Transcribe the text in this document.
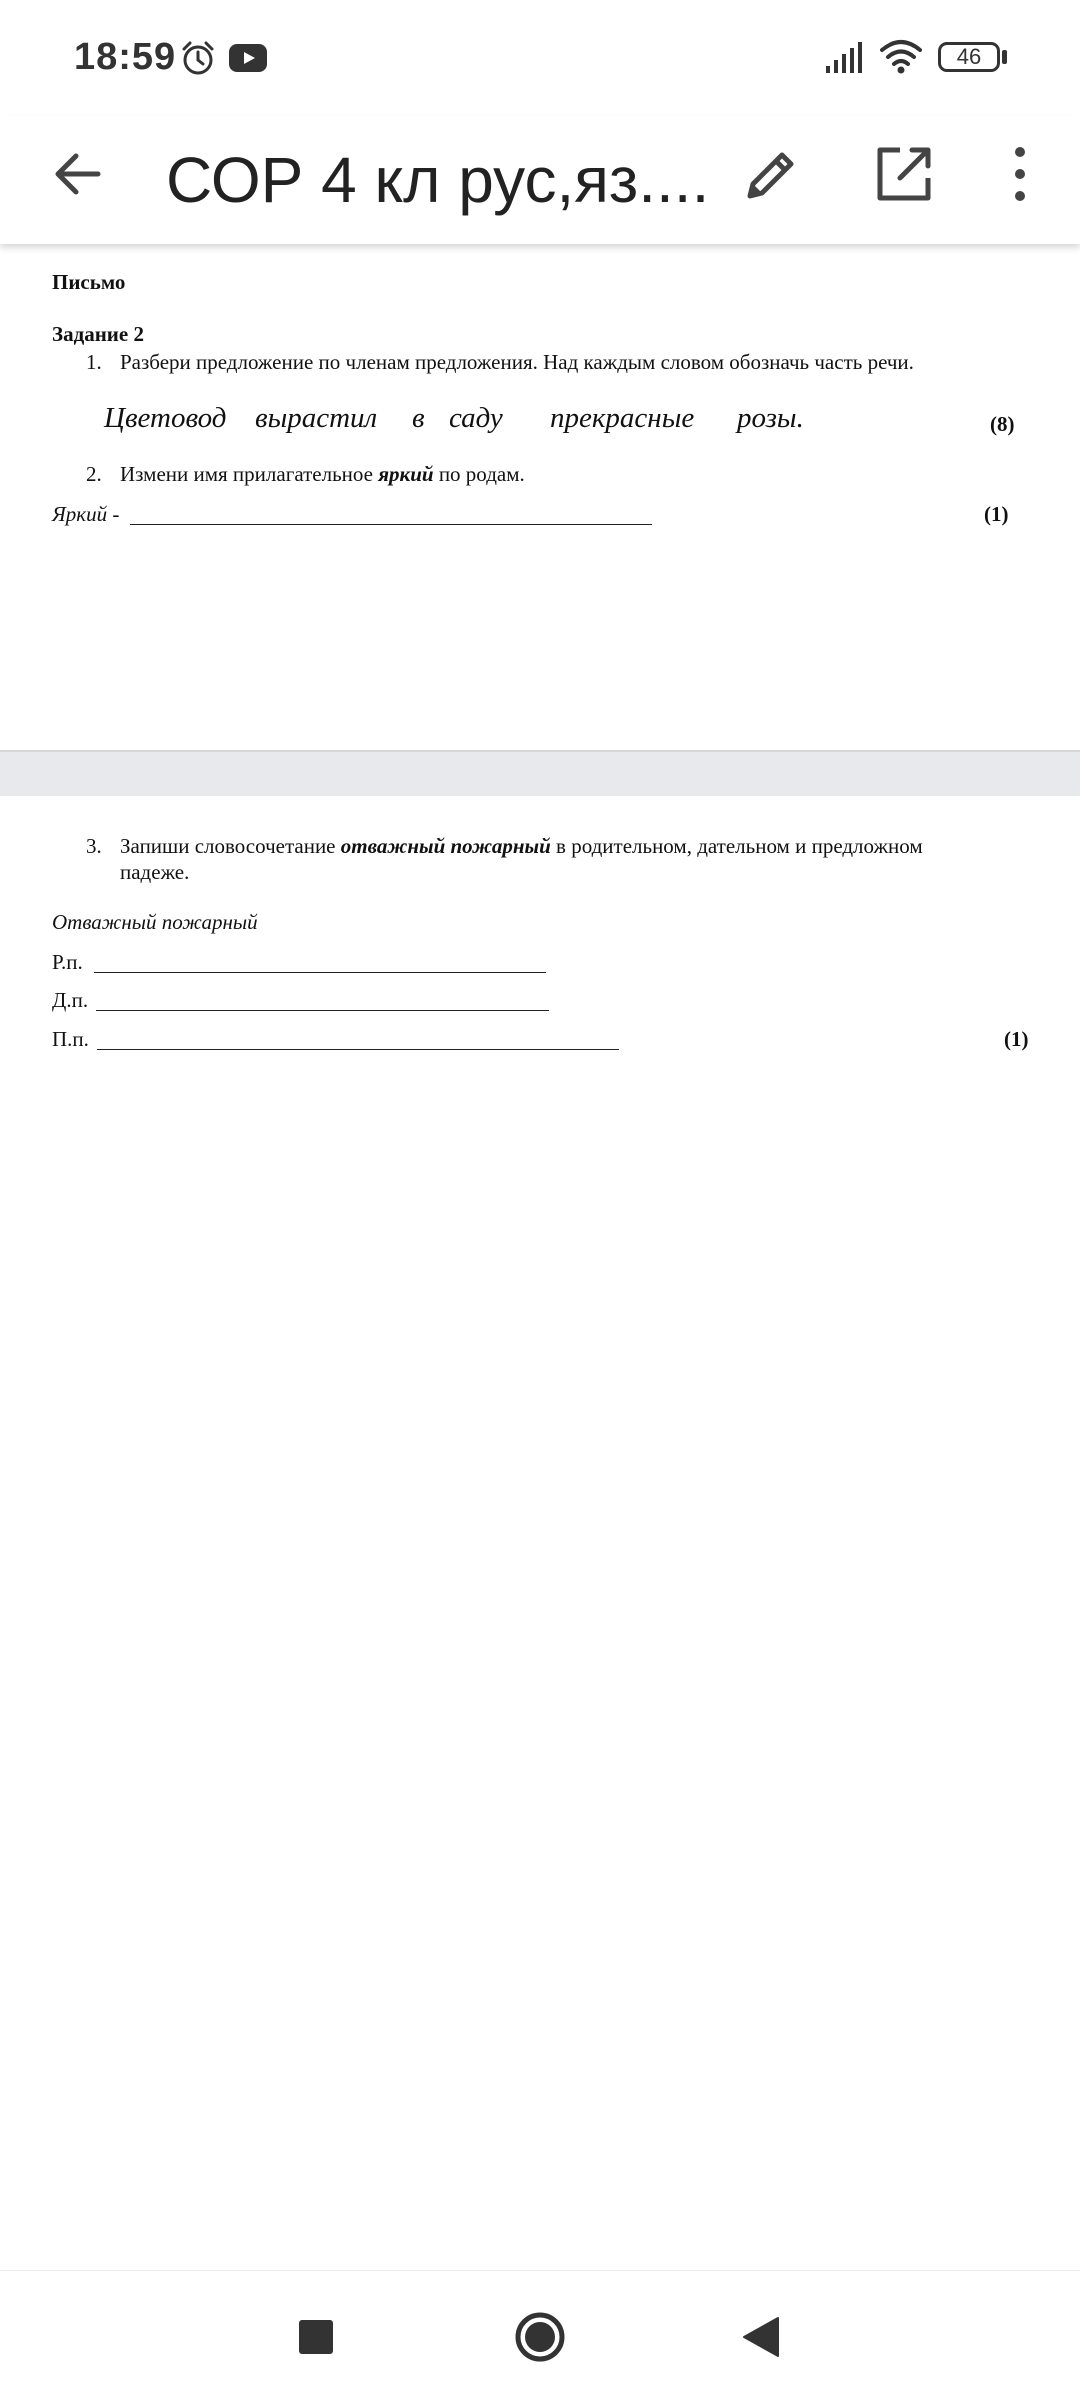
18:59	46
СОР 4 кл рус,яз....
Письмо
Задание 2
1. Разбери предложение по членам предложения. Над каждым словом обозначь часть речи.
Цветовод вырастил в саду прекрасные розы.	(8)
2. Измени имя прилагательное яркий по родам.
Яркий -	(1)
3. Запиши словосочетание отважный пожарный в родительном, дательном и предложном
падеже.
Отважный пожарный
Р.п.
Д.п.
П.п.	(1)
